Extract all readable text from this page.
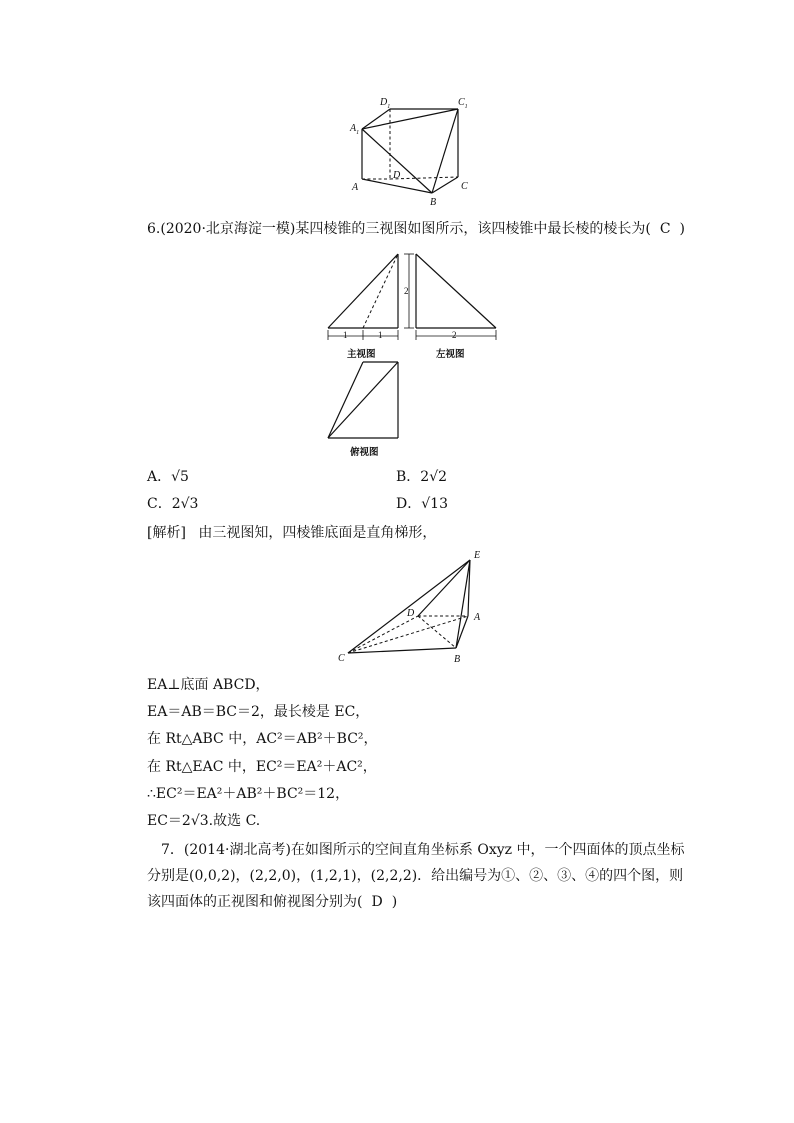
$A_1$
$D_1$	$C_1$
A
B
C
D
6.(2020·北京海淀一模)某四棱锥的三视图如图所示，该四棱锥中最长棱的棱长为( C )
1	1
主视图
2
2
左视图
俯视图
A．√5	B．2√2
C．2√3	D．√13
[解析] 由三视图知，四棱锥底面是直角梯形，
E
D	A
C	B
EA⊥底面 ABCD，
EA＝AB＝BC＝2，最长棱是 EC，
在 Rt△ABC 中，AC²＝AB²＋BC²，
在 Rt△EAC 中，EC²＝EA²＋AC²，
∴EC²＝EA²＋AB²＋BC²＝12，
EC＝2√3.故选 C.
7．(2014·湖北高考)在如图所示的空间直角坐标系 Oxyz 中，一个四面体的顶点坐标分别是(0,0,2)，(2,2,0)，(1,2,1)，(2,2,2)．给出编号为①、②、③、④的四个图，则该四面体的正视图和俯视图分别为( D )
